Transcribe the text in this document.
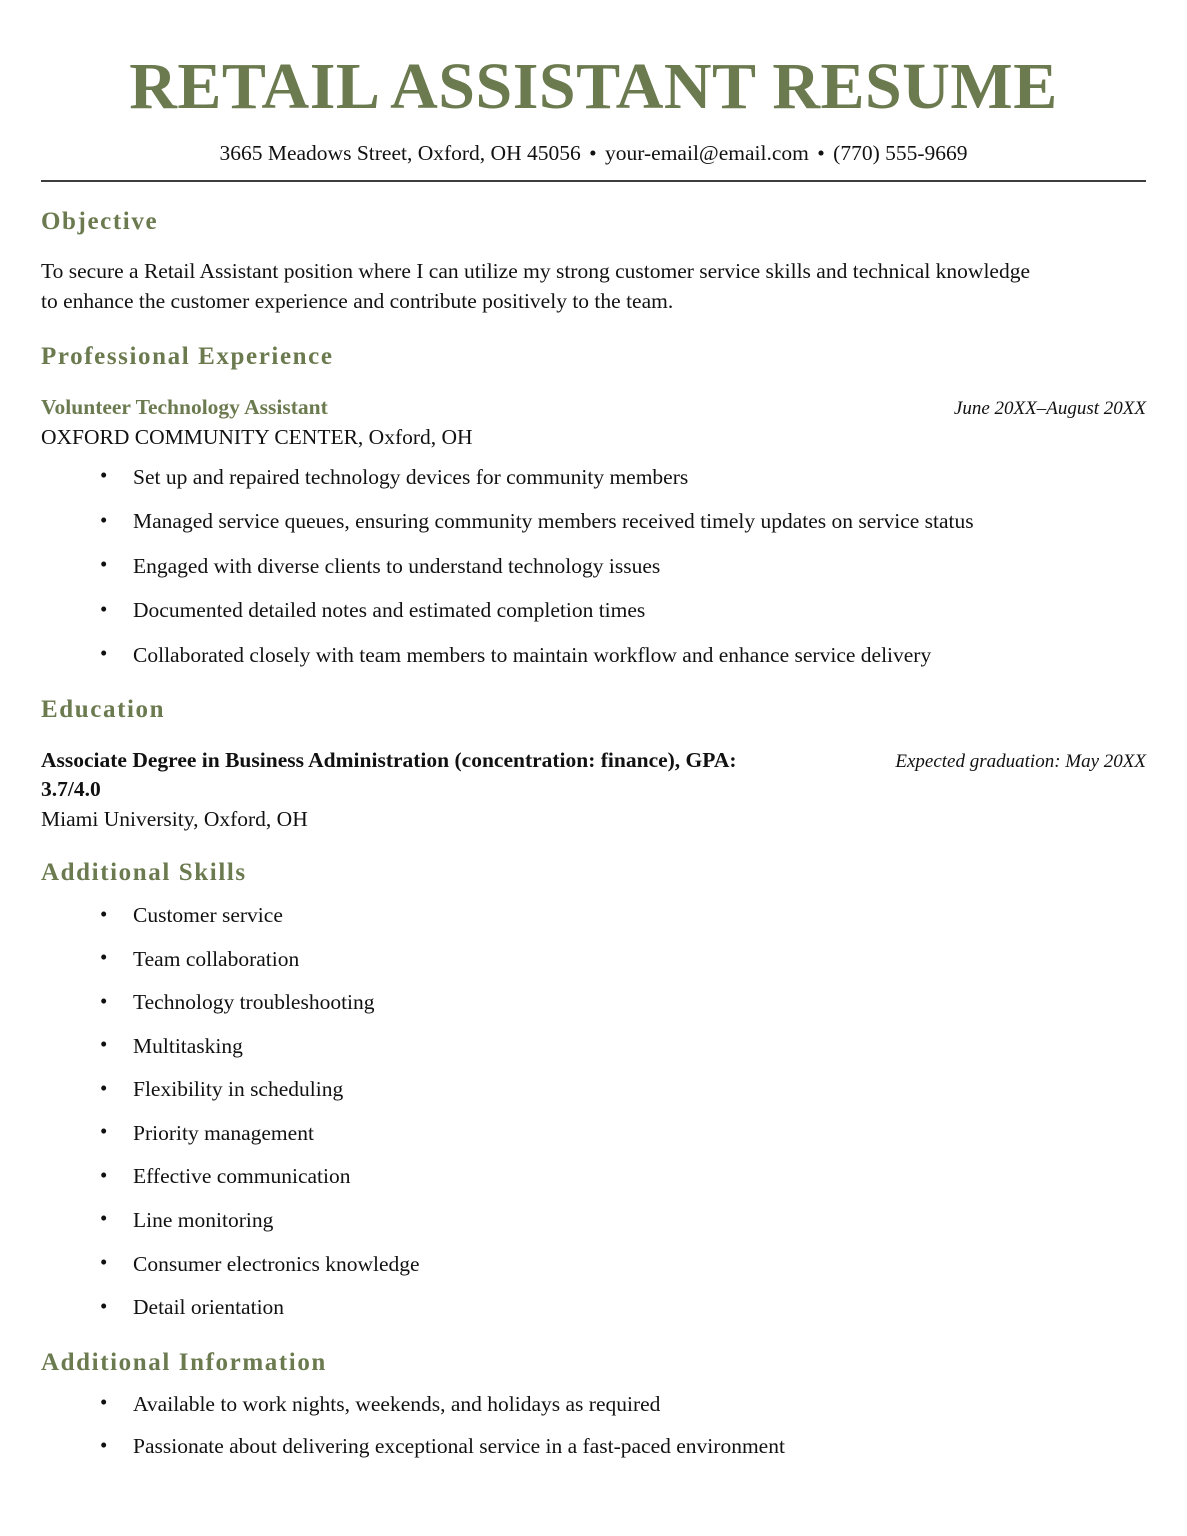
RETAIL ASSISTANT RESUME
3665 Meadows Street, Oxford, OH 45056 • your-email@email.com • (770) 555-9669
Objective

To secure a Retail Assistant position where I can utilize my strong customer service skills and technical knowledge to enhance the customer experience and contribute positively to the team.

Professional Experience
Volunteer Technology Assistant	June 20XX–August 20XX
OXFORD COMMUNITY CENTER, Oxford, OH
• Set up and repaired technology devices for community members
• Managed service queues, ensuring community members received timely updates on service status
• Engaged with diverse clients to understand technology issues
• Documented detailed notes and estimated completion times
• Collaborated closely with team members to maintain workflow and enhance service delivery
Education
Associate Degree in Business Administration (concentration: finance), GPA: 3.7/4.0
Expected graduation: May 20XX
Miami University, Oxford, OH
Additional Skills
• Customer service
• Team collaboration
• Technology troubleshooting
• Multitasking
• Flexibility in scheduling
• Priority management
• Effective communication
• Line monitoring
• Consumer electronics knowledge
• Detail orientation
Additional Information
• Available to work nights, weekends, and holidays as required
• Passionate about delivering exceptional service in a fast-paced environment
